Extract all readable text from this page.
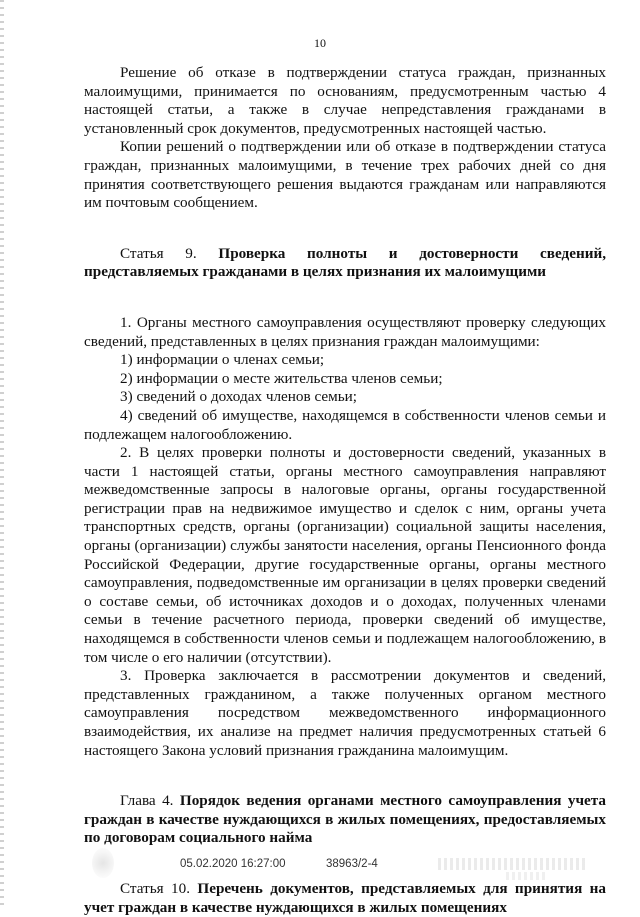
10

Решение об отказе в подтверждении статуса граждан, признанных малоимущими, принимается по основаниям, предусмотренным частью 4 настоящей статьи, а также в случае непредставления гражданами в установленный срок документов, предусмотренных настоящей частью.

Копии решений о подтверждении или об отказе в подтверждении статуса граждан, признанных малоимущими, в течение трех рабочих дней со дня принятия соответствующего решения выдаются гражданам или направляются им почтовым сообщением.

Статья 9. Проверка полноты и достоверности сведений, представляемых гражданами в целях признания их малоимущими

1. Органы местного самоуправления осуществляют проверку следующих сведений, представленных в целях признания граждан малоимущими:

1) информации о членах семьи;

2) информации о месте жительства членов семьи;

3) сведений о доходах членов семьи;

4) сведений об имуществе, находящемся в собственности членов семьи и подлежащем налогообложению.

2. В целях проверки полноты и достоверности сведений, указанных в части 1 настоящей статьи, органы местного самоуправления направляют межведомственные запросы в налоговые органы, органы государственной регистрации прав на недвижимое имущество и сделок с ним, органы учета транспортных средств, органы (организации) социальной защиты населения, органы (организации) службы занятости населения, органы Пенсионного фонда Российской Федерации, другие государственные органы, органы местного самоуправления, подведомственные им организации в целях проверки сведений о составе семьи, об источниках доходов и о доходах, полученных членами семьи в течение расчетного периода, проверки сведений об имуществе, находящемся в собственности членов семьи и подлежащем налогообложению, в том числе о его наличии (отсутствии).

3. Проверка заключается в рассмотрении документов и сведений, представленных гражданином, а также полученных органом местного самоуправления посредством межведомственного информационного взаимодействия, их анализе на предмет наличия предусмотренных статьей 6 настоящего Закона условий признания гражданина малоимущим.

Глава 4. Порядок ведения органами местного самоуправления учета граждан в качестве нуждающихся в жилых помещениях, предоставляемых по договорам социального найма

Статья 10. Перечень документов, представляемых для принятия на учет граждан в качестве нуждающихся в жилых помещениях

05.02.2020 16:27:00	38963/2-4
